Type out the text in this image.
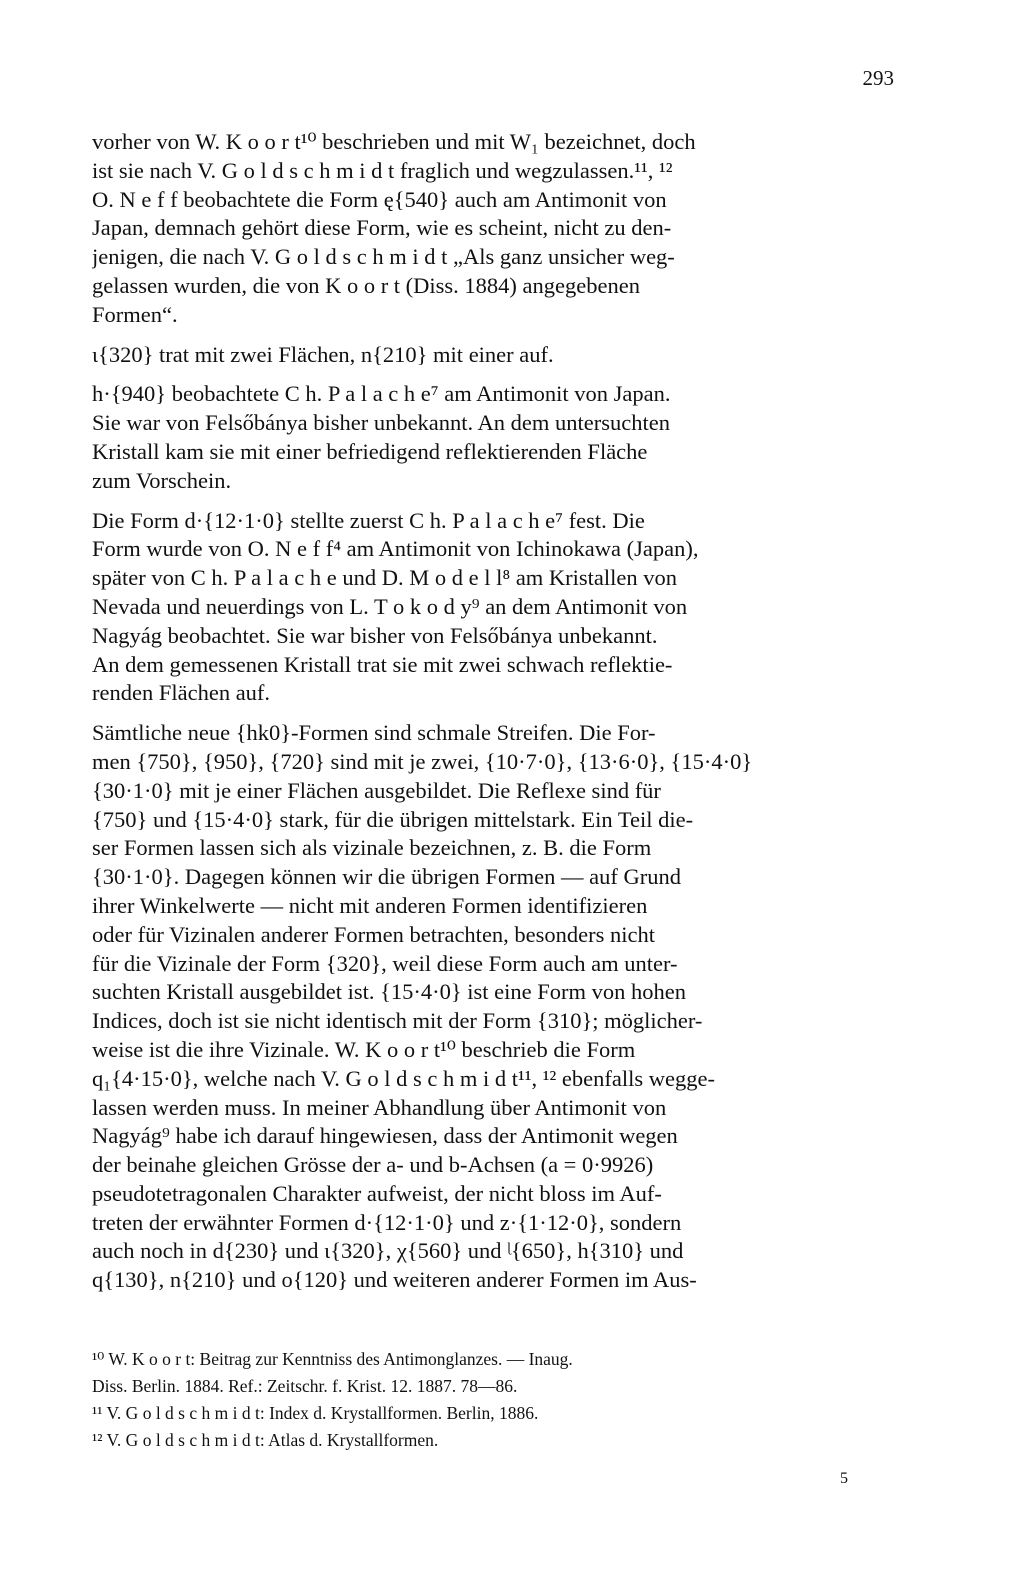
293
vorher von W. K o o r t¹⁰ beschrieben und mit W₁ bezeichnet, doch
ist sie nach V. G o l d s c h m i d t fraglich und wegzulassen.¹¹, ¹²
O. N e f f beobachtete die Form ę{540} auch am Antimonit von
Japan, demnach gehört diese Form, wie es scheint, nicht zu den-
jenigen, die nach V. G o l d s c h m i d t „Als ganz unsicher weg-
gelassen wurden, die von K o o r t (Diss. 1884) angegebenen
Formen“.
ι{320} trat mit zwei Flächen, n{210} mit einer auf.
h·{940} beobachtete C h. P a l a c h e⁷ am Antimonit von Japan.
Sie war von Felsőbánya bisher unbekannt. An dem untersuchten
Kristall kam sie mit einer befriedigend reflektierenden Fläche
zum Vorschein.
Die Form d·{12·1·0} stellte zuerst C h. P a l a c h e⁷ fest. Die
Form wurde von O. N e f f⁴ am Antimonit von Ichinokawa (Japan),
später von C h. P a l a c h e und D. M o d e l l⁸ am Kristallen von
Nevada und neuerdings von L. T o k o d y⁹ an dem Antimonit von
Nagyág beobachtet. Sie war bisher von Felsőbánya unbekannt.
An dem gemessenen Kristall trat sie mit zwei schwach reflektie-
renden Flächen auf.
Sämtliche neue {hk0}-Formen sind schmale Streifen. Die For-
men {750}, {950}, {720} sind mit je zwei, {10·7·0}, {13·6·0}, {15·4·0}
{30·1·0} mit je einer Flächen ausgebildet. Die Reflexe sind für
{750} und {15·4·0} stark, für die übrigen mittelstark. Ein Teil die-
ser Formen lassen sich als vizinale bezeichnen, z. B. die Form
{30·1·0}. Dagegen können wir die übrigen Formen — auf Grund
ihrer Winkelwerte — nicht mit anderen Formen identifizieren
oder für Vizinalen anderer Formen betrachten, besonders nicht
für die Vizinale der Form {320}, weil diese Form auch am unter-
suchten Kristall ausgebildet ist. {15·4·0} ist eine Form von hohen
Indices, doch ist sie nicht identisch mit der Form {310}; möglicher-
weise ist die ihre Vizinale. W. K o o r t¹⁰ beschrieb die Form
q₁{4·15·0}, welche nach V. G o l d s c h m i d t¹¹, ¹² ebenfalls wegge-
lassen werden muss. In meiner Abhandlung über Antimonit von
Nagyág⁹ habe ich darauf hingewiesen, dass der Antimonit wegen
der beinahe gleichen Grösse der a- und b-Achsen (a = 0·9926)
pseudotetragonalen Charakter aufweist, der nicht bloss im Auf-
treten der erwähnter Formen d·{12·1·0} und z·{1·12·0}, sondern
auch noch in d{230} und ι{320}, χ{560} und ᶩ{650}, h{310} und
q{130}, n{210} und o{120} und weiteren anderer Formen im Aus-
¹⁰ W. K o o r t: Beitrag zur Kenntniss des Antimonglanzes. — Inaug.
Diss. Berlin. 1884. Ref.: Zeitschr. f. Krist. 12. 1887. 78—86.
¹¹ V. G o l d s c h m i d t: Index d. Krystallformen. Berlin, 1886.
¹² V. G o l d s c h m i d t: Atlas d. Krystallformen.
5
